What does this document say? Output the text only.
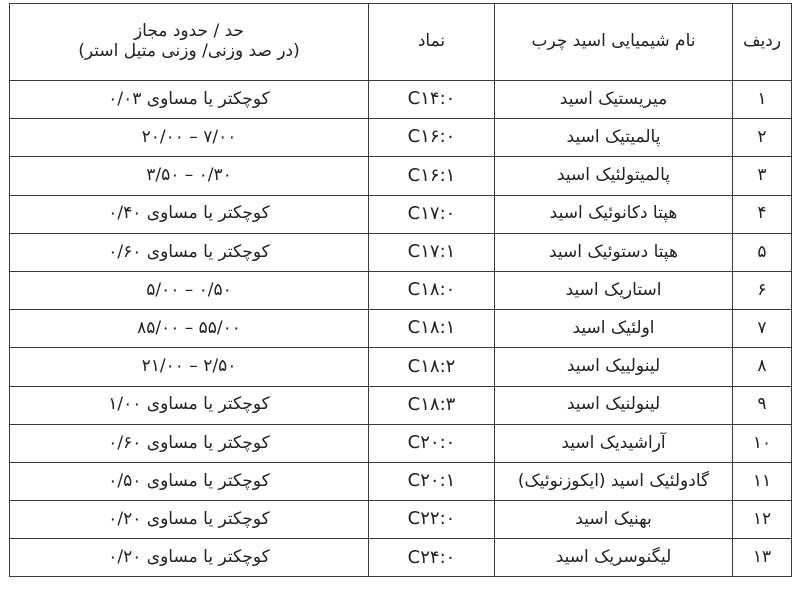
ردیف	نام شیمیایی اسید چرب	نماد	حد / حدود مجاز
(در صد وزنی/ وزنی متیل استر)

۱	میریستیک اسید	C۱۴:۰	کوچکتر یا مساوی ۰/۰۳
۲	پالمیتیک اسید	C۱۶:۰	۷/۰۰ – ۲۰/۰۰
۳	پالمیتولئیک اسید	C۱۶:۱	۰/۳۰ – ۳/۵۰
۴	هپتا دکانوئیک اسید	C۱۷:۰	کوچکتر یا مساوی ۰/۴۰
۵	هپتا دستوئیک اسید	C۱۷:۱	کوچکتر یا مساوی ۰/۶۰
۶	استاریک اسید	C۱۸:۰	۰/۵۰ – ۵/۰۰
۷	اولئیک اسید	C۱۸:۱	۵۵/۰۰ – ۸۵/۰۰
۸	لینولییک اسید	C۱۸:۲	۲/۵۰ – ۲۱/۰۰
۹	لینولنیک اسید	C۱۸:۳	کوچکتر یا مساوی ۱/۰۰
۱۰	آراشیدیک اسید	C۲۰:۰	کوچکتر یا مساوی ۰/۶۰
۱۱	گادولئیک اسید (ایکوزنوئیک)	C۲۰:۱	کوچکتر یا مساوی ۰/۵۰
۱۲	بهنیک اسید	C۲۲:۰	کوچکتر یا مساوی ۰/۲۰
۱۳	لیگنوسریک اسید	C۲۴:۰	کوچکتر یا مساوی ۰/۲۰
